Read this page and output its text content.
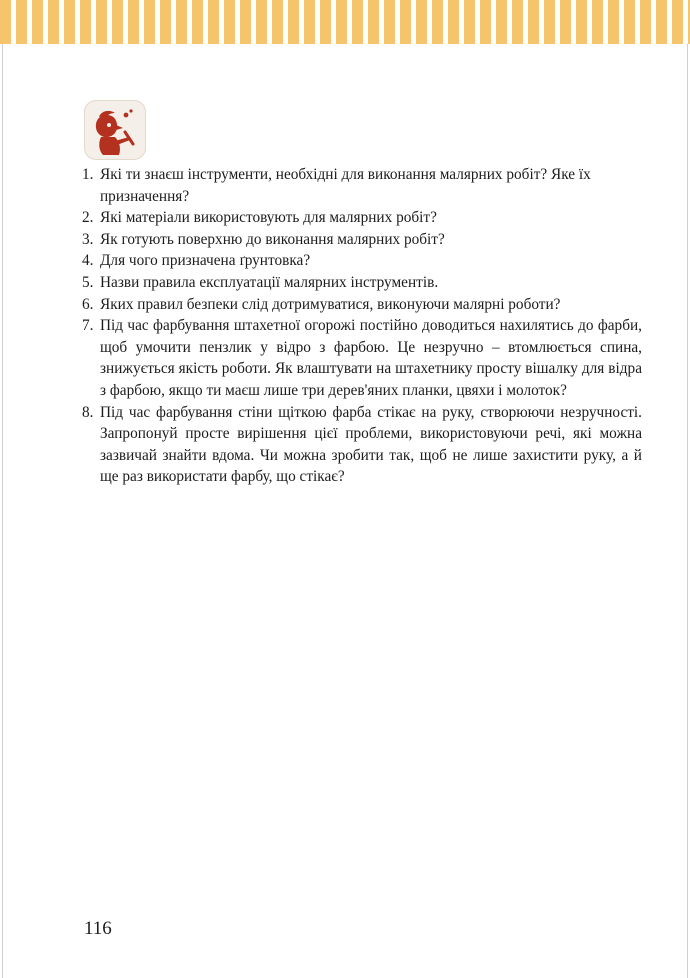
1. Які ти знаєш інструменти, необхідні для виконання малярних робіт? Яке їх призначення?
2. Які матеріали використовують для малярних робіт?
3. Як готують поверхню до виконання малярних робіт?
4. Для чого призначена ґрунтовка?
5. Назви правила експлуатації малярних інструментів.
6. Яких правил безпеки слід дотримуватися, виконуючи малярні роботи?
7. Під час фарбування штахетної огорожі постійно доводиться нахилятись до фарби, щоб умочити пензлик у відро з фарбою. Це незручно – втомлюється спина, знижується якість роботи. Як влаштувати на штахетнику просту вішалку для відра з фарбою, якщо ти маєш лише три дерев'яних планки, цвяхи і молоток?
8. Під час фарбування стіни щіткою фарба стікає на руку, створюючи незручності. Запропонуй просте вирішення цієї проблеми, використовуючи речі, які можна зазвичай знайти вдома. Чи можна зробити так, щоб не лише захистити руку, а й ще раз використати фарбу, що стікає?
116
